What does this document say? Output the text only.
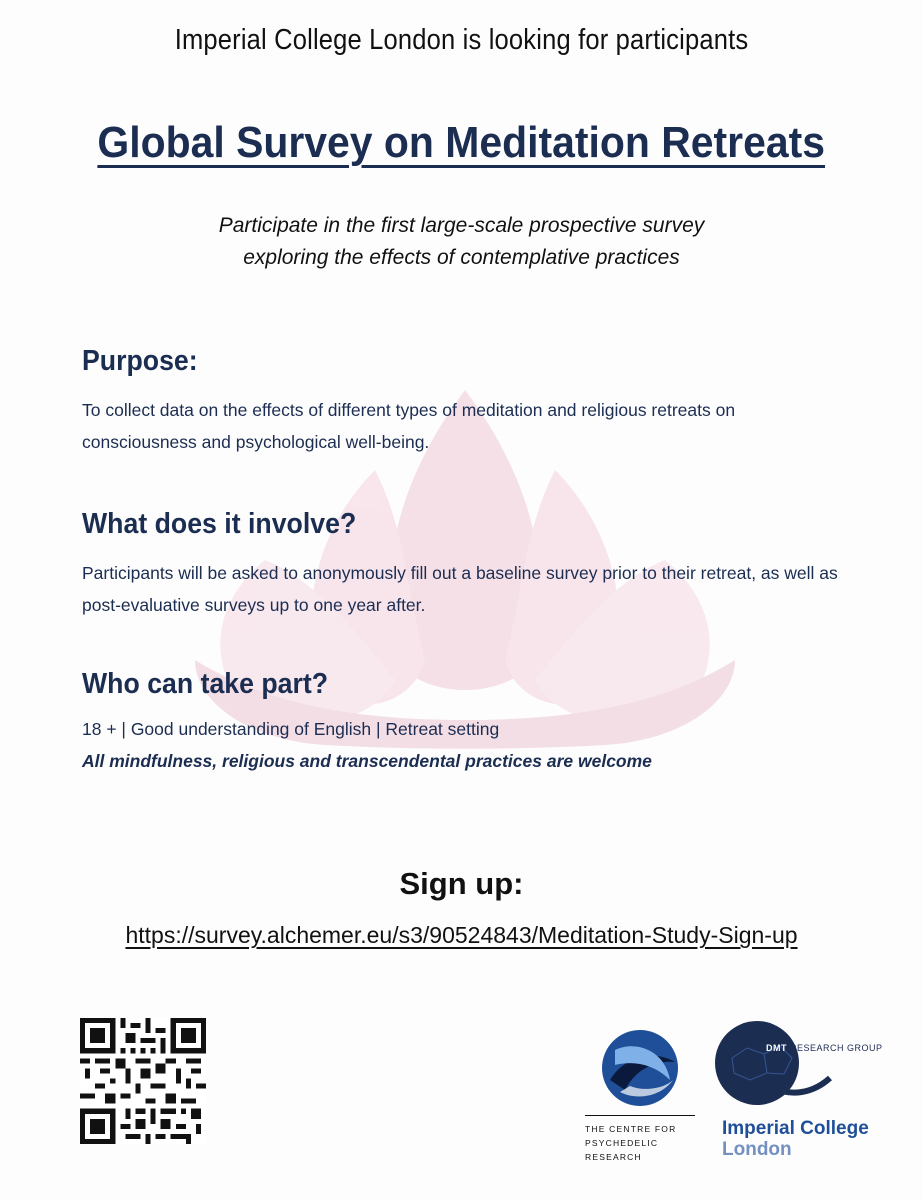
Imperial College London is looking for participants
Global Survey on Meditation Retreats
Participate in the first large-scale prospective survey
exploring the effects of contemplative practices
Purpose:

To collect data on the effects of different types of meditation and religious retreats on consciousness and psychological well-being.

What does it involve?

Participants will be asked to anonymously fill out a baseline survey prior to their retreat, as well as post-evaluative surveys up to one year after.

Who can take part?

18 + | Good understanding of English | Retreat setting

All mindfulness, religious and transcendental practices are welcome

Sign up:
https://survey.alchemer.eu/s3/90524843/Meditation-Study-Sign-up
THE CENTRE FOR
PSYCHEDELIC RESEARCH
DMT RESEARCH GROUP
Imperial College
London
